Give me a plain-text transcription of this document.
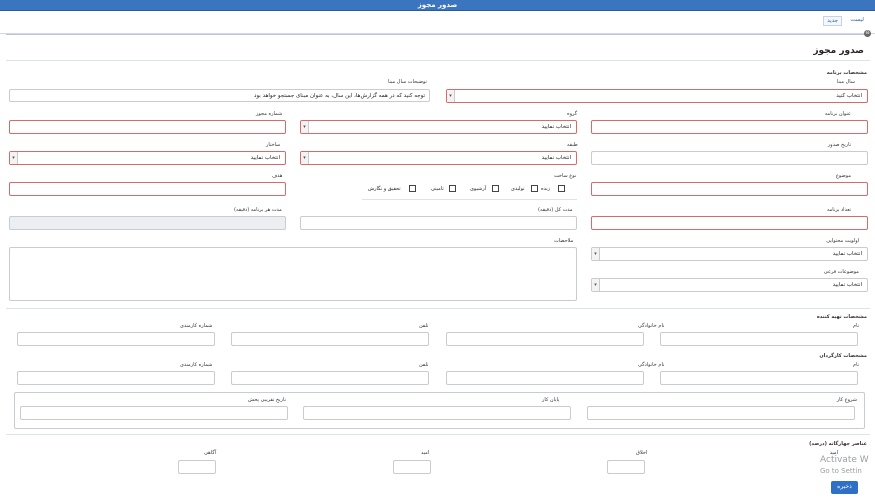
صدور مجوز
لیست
جدید
⊖
صدور مجوز
مشخصات برنامه
سال مبنا
توضیحات سال مبنا
توجه کنید که در همه گزارش‌ها، این سال، به عنوان مبنای جستجو خواهد بود	انتخاب کنید
▾
عنوان برنامه
گروه
شماره مجوز
انتخاب نمایید
▾
تاریخ صدور
طبقه
ساختار
انتخاب نمایید
▾
انتخاب نمایید
▾
موضوع
نوع ساخت
هدف
زنده
تولیدی
آرشیوی
تامینی
تحقیق و نگارش
تعداد برنامه
مدت کل (دقیقه)
مدت هر برنامه (دقیقه)
اولویت محتوایی
ملاحضات
انتخاب نمایید
▾
موضوعات فرعی
انتخاب نمایید
▾
مشخصات تهیه کننده
نام
نام خانوادگی
تلفن
شماره کارمندی
مشخصات کارگردان
نام
نام خانوادگی
تلفن
شماره کارمندی
شروع کار
پایان کار
تاریخ تقریبی پخش
عناصر چهارگانه (درصد)
امید
اخلاق
امید
آگاهی
Activate W
Go to Settin
ذخیره
